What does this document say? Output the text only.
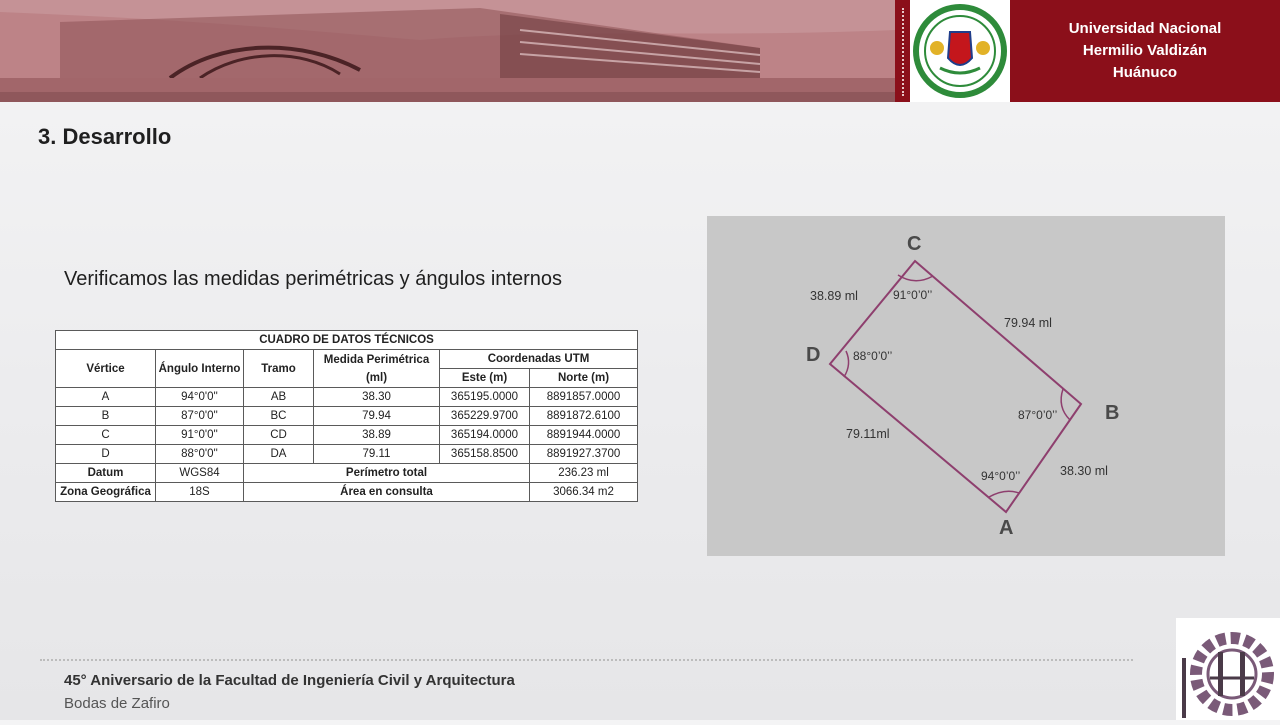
Universidad Nacional
Hermilio Valdizán
Huánuco
3. Desarrollo
Verificamos las medidas perimétricas y ángulos internos
CUADRO DE DATOS TÉCNICOS					
Vértice	Ángulo Interno	Tramo	Medida Perimétrica (ml)	Coordenadas UTM	
				Este (m)	Norte (m)
A	94°0'0''	AB	38.30	365195.0000	8891857.0000
B	87°0'0''	BC	79.94	365229.9700	8891872.6100
C	91°0'0''	CD	38.89	365194.0000	8891944.0000
D	88°0'0''	DA	79.11	365158.8500	8891927.3700
Datum	WGS84	Perímetro total			236.23 ml
Zona Geográfica	18S	Área en consulta			3066.34 m2
C
D
B
A
38.89 ml
79.94 ml
79.11ml
38.30 ml
91°0’0’’
88°0’0’’
87°0’0’’
94°0’0’’
45° Aniversario de la Facultad de Ingeniería Civil y Arquitectura
Bodas de Zafiro
